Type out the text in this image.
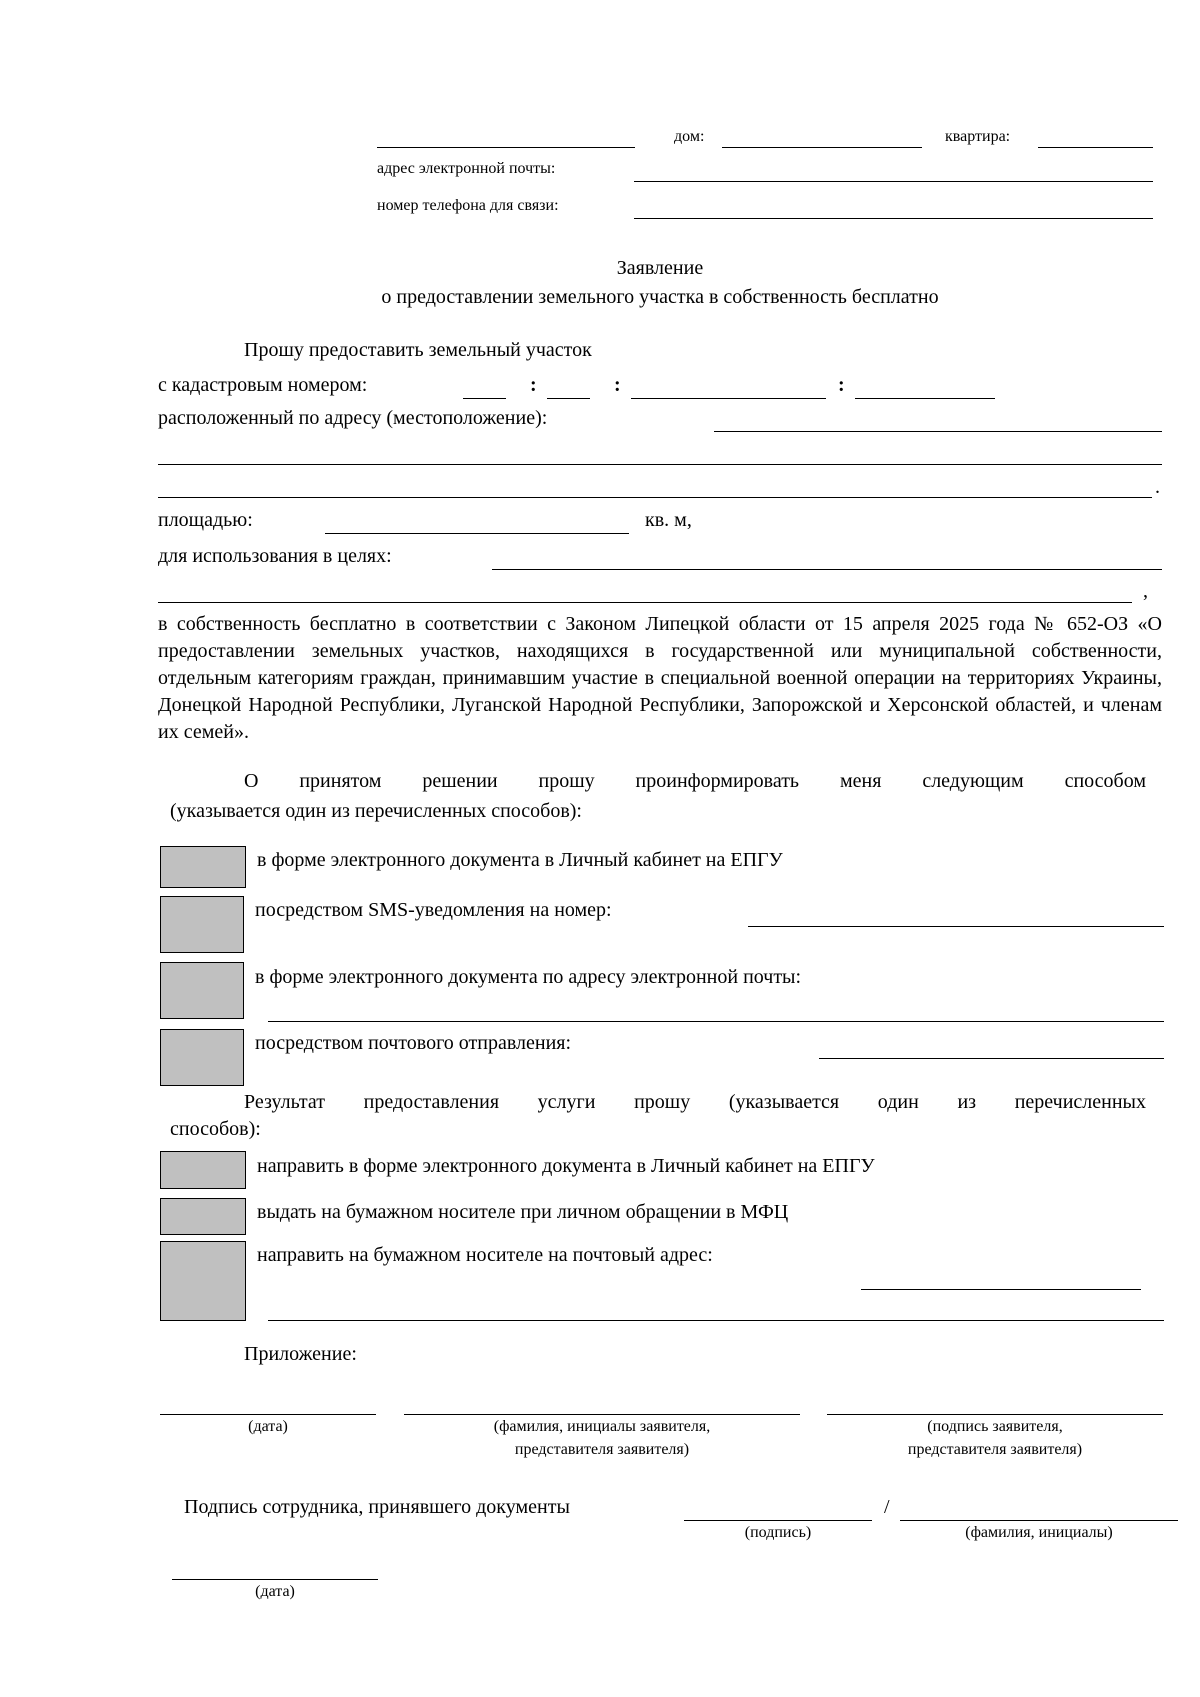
дом:	квартира:
адрес электронной почты:
номер телефона для связи:
Заявление
о предоставлении земельного участка в собственность бесплатно
Прошу предоставить земельный участок
с кадастровым номером:	:	:	:
расположенный по адресу (местоположение):
.
площадью:	кв. м,
для использования в целях:
,
в собственность бесплатно в соответствии с Законом Липецкой области от 15 апреля 2025 года № 652-ОЗ «О предоставлении земельных участков, находящихся в государственной или муниципальной собственности, отдельным категориям граждан, принимавшим участие в специальной военной операции на территориях Украины, Донецкой Народной Республики, Луганской Народной Республики, Запорожской и Херсонской областей, и членам их семей».
О принятом решении прошу проинформировать меня следующим способом
(указывается один из перечисленных способов):
в форме электронного документа в Личный кабинет на ЕПГУ
посредством SMS-уведомления на номер:
в форме электронного документа по адресу электронной почты:
посредством почтового отправления:
Результат предоставления услуги прошу (указывается один из перечисленных
способов):
направить в форме электронного документа в Личный кабинет на ЕПГУ
выдать на бумажном носителе при личном обращении в МФЦ
направить на бумажном носителе на почтовый адрес:
Приложение:
(дата)	(фамилия, инициалы заявителя,
представителя заявителя)
(подпись заявителя,
представителя заявителя)
Подпись сотрудника, принявшего документы	/
(подпись)	(фамилия, инициалы)
(дата)
